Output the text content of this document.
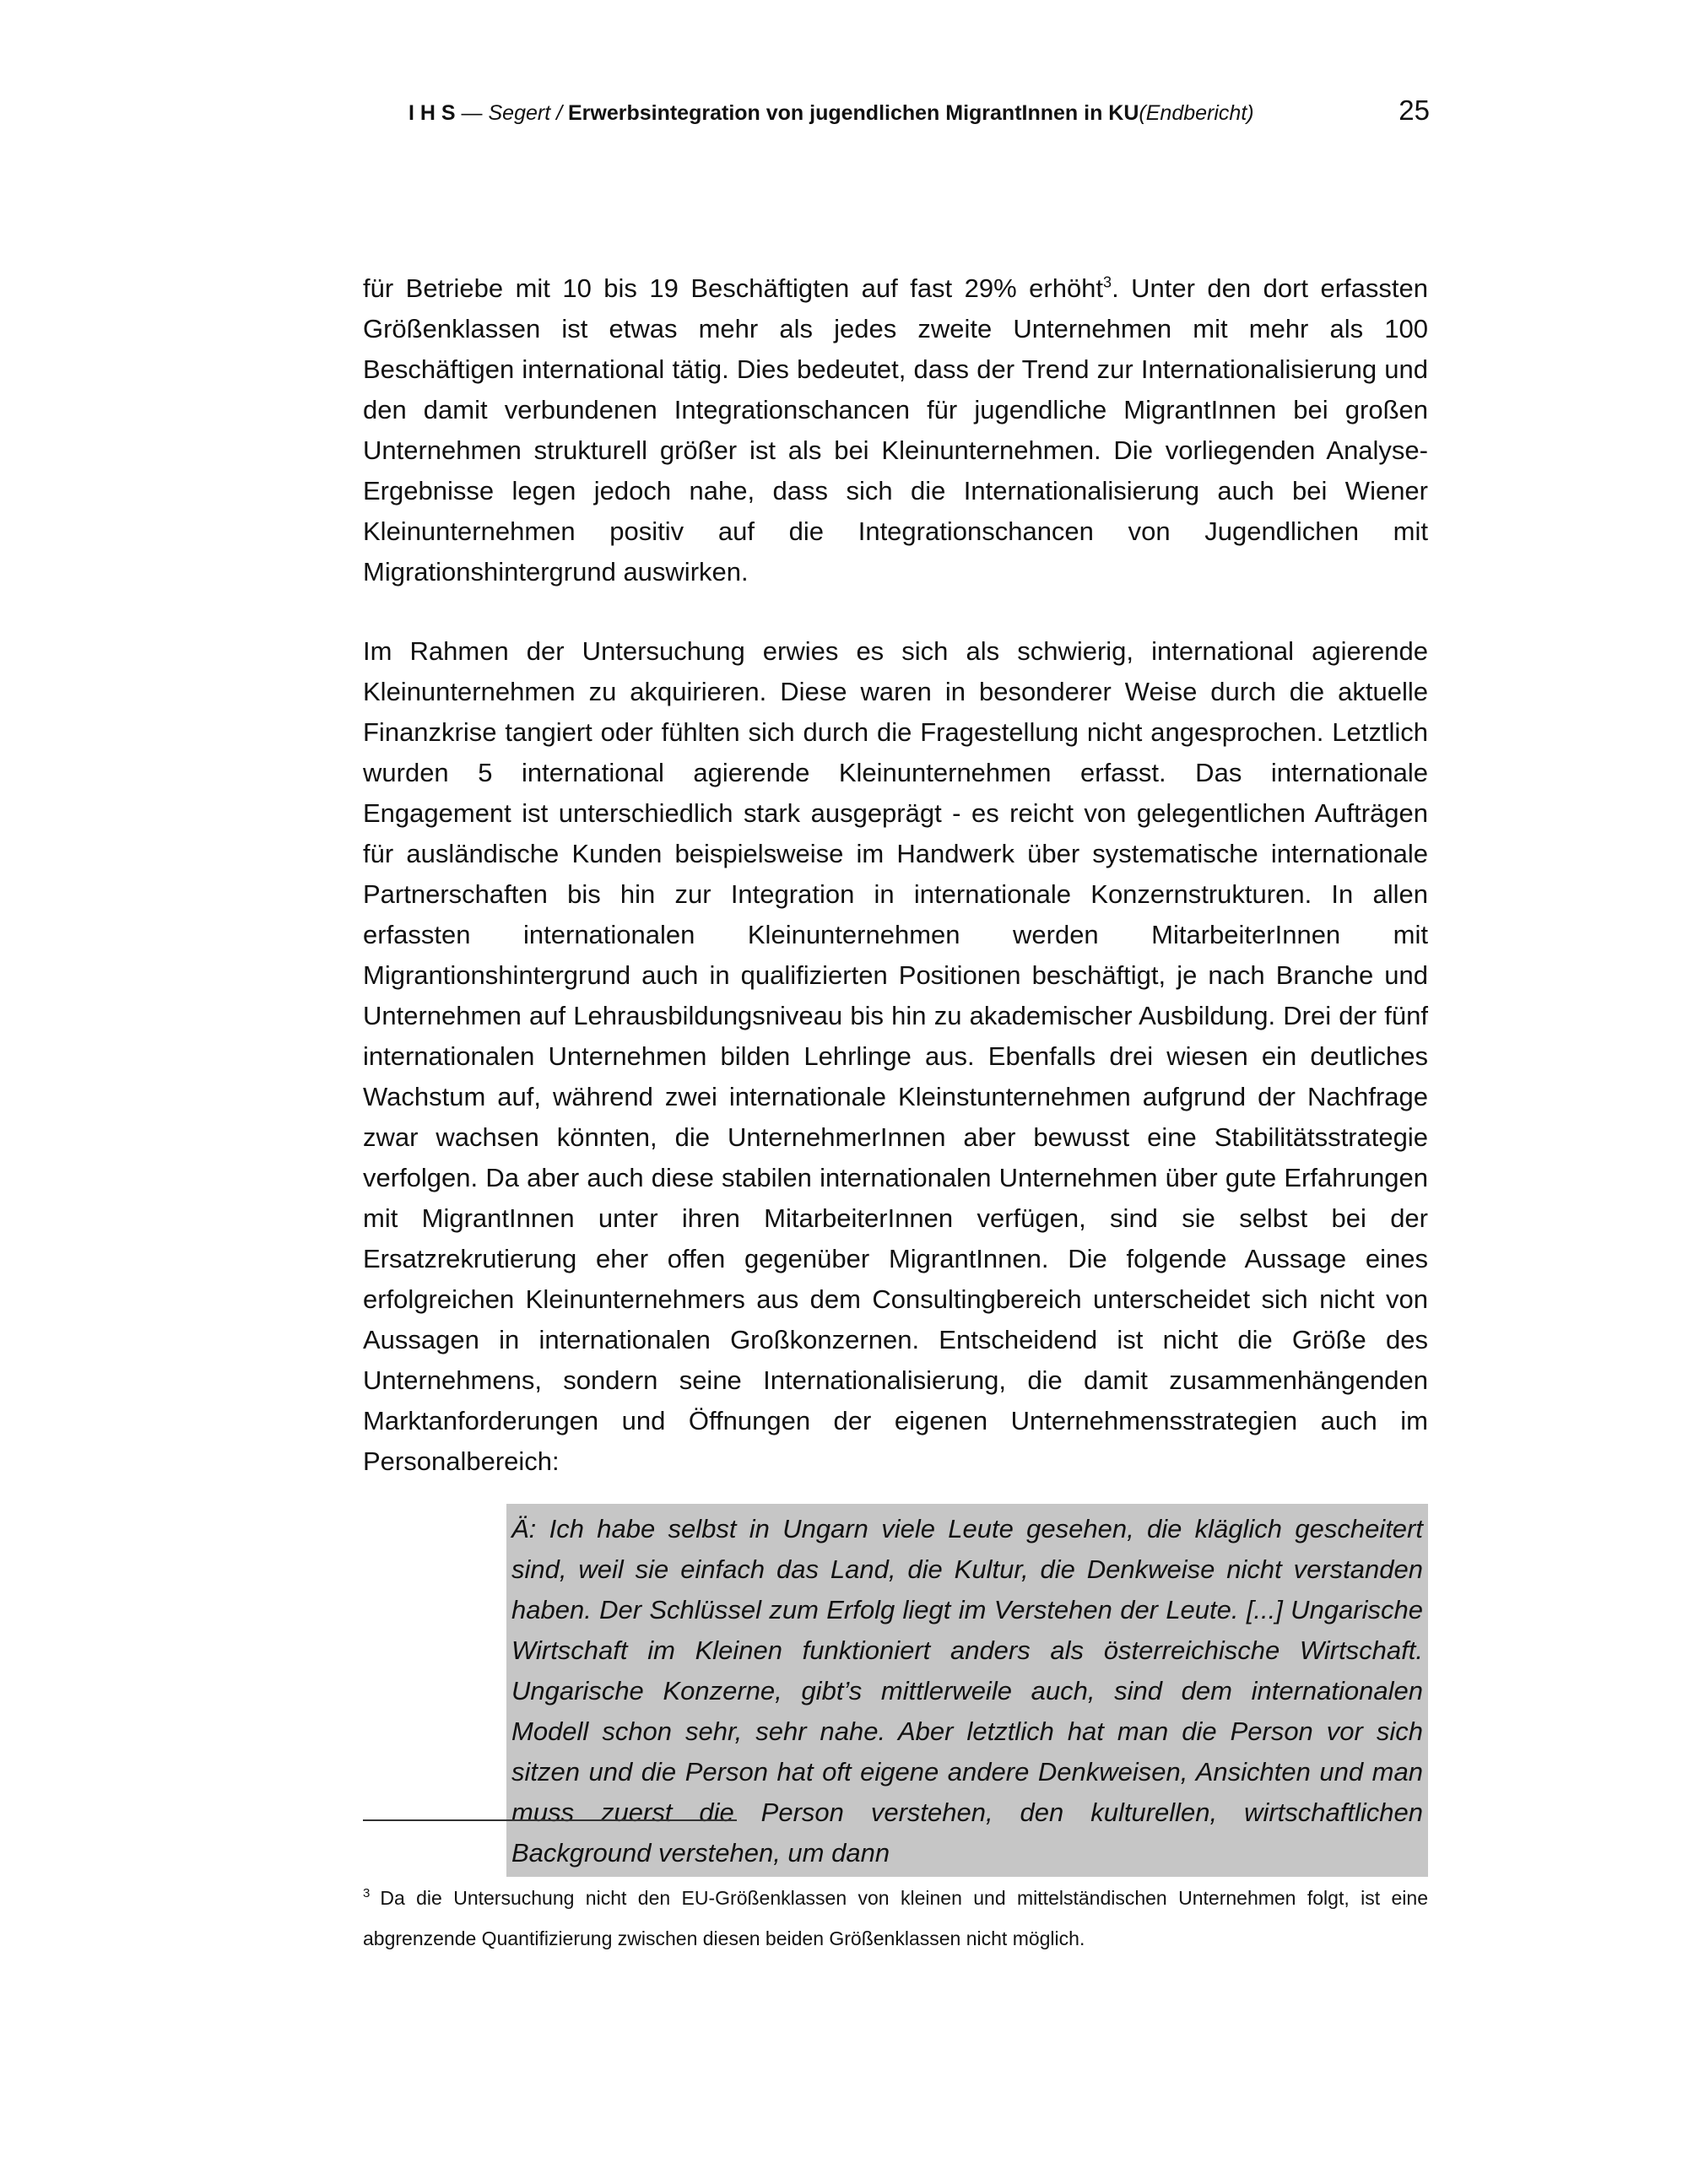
I H S — Segert / Erwerbsintegration von jugendlichen MigrantInnen in KU(Endbericht)	25

für Betriebe mit 10 bis 19 Beschäftigten auf fast 29% erhöht$^3$. Unter den dort erfassten Größenklassen ist etwas mehr als jedes zweite Unternehmen mit mehr als 100 Beschäftigen international tätig. Dies bedeutet, dass der Trend zur Internationalisierung und den damit verbundenen Integrationschancen für jugendliche MigrantInnen bei großen Unternehmen strukturell größer ist als bei Kleinunternehmen. Die vorliegenden Analyse-Ergebnisse legen jedoch nahe, dass sich die Internationalisierung auch bei Wiener Kleinunternehmen positiv auf die Integrationschancen von Jugendlichen mit Migrationshintergrund auswirken.

Im Rahmen der Untersuchung erwies es sich als schwierig, international agierende Kleinunternehmen zu akquirieren. Diese waren in besonderer Weise durch die aktuelle Finanzkrise tangiert oder fühlten sich durch die Fragestellung nicht angesprochen. Letztlich wurden 5 international agierende Kleinunternehmen erfasst. Das internationale Engagement ist unterschiedlich stark ausgeprägt - es reicht von gelegentlichen Aufträgen für ausländische Kunden beispielsweise im Handwerk über systematische internationale Partnerschaften bis hin zur Integration in internationale Konzernstrukturen. In allen erfassten internationalen Kleinunternehmen werden MitarbeiterInnen mit Migrantionshintergrund auch in qualifizierten Positionen beschäftigt, je nach Branche und Unternehmen auf Lehrausbildungsniveau bis hin zu akademischer Ausbildung. Drei der fünf internationalen Unternehmen bilden Lehrlinge aus. Ebenfalls drei wiesen ein deutliches Wachstum auf, während zwei internationale Kleinstunternehmen aufgrund der Nachfrage zwar wachsen könnten, die UnternehmerInnen aber bewusst eine Stabilitätsstrategie verfolgen. Da aber auch diese stabilen internationalen Unternehmen über gute Erfahrungen mit MigrantInnen unter ihren MitarbeiterInnen verfügen, sind sie selbst bei der Ersatzrekrutierung eher offen gegenüber MigrantInnen. Die folgende Aussage eines erfolgreichen Kleinunternehmers aus dem Consultingbereich unterscheidet sich nicht von Aussagen in internationalen Großkonzernen. Entscheidend ist nicht die Größe des Unternehmens, sondern seine Internationalisierung, die damit zusammenhängenden Marktanforderungen und Öffnungen der eigenen Unternehmensstrategien auch im Personalbereich:

Ä: Ich habe selbst in Ungarn viele Leute gesehen, die kläglich gescheitert sind, weil sie einfach das Land, die Kultur, die Denkweise nicht verstanden haben. Der Schlüssel zum Erfolg liegt im Verstehen der Leute. [...] Ungarische Wirtschaft im Kleinen funktioniert anders als österreichische Wirtschaft. Ungarische Konzerne, gibt’s mittlerweile auch, sind dem internationalen Modell schon sehr, sehr nahe. Aber letztlich hat man die Person vor sich sitzen und die Person hat oft eigene andere Denkweisen, Ansichten und man muss zuerst die Person verstehen, den kulturellen, wirtschaftlichen Background verstehen, um dann
$^3$ Da die Untersuchung nicht den EU-Größenklassen von kleinen und mittelständischen Unternehmen folgt, ist eine abgrenzende Quantifizierung zwischen diesen beiden Größenklassen nicht möglich.
